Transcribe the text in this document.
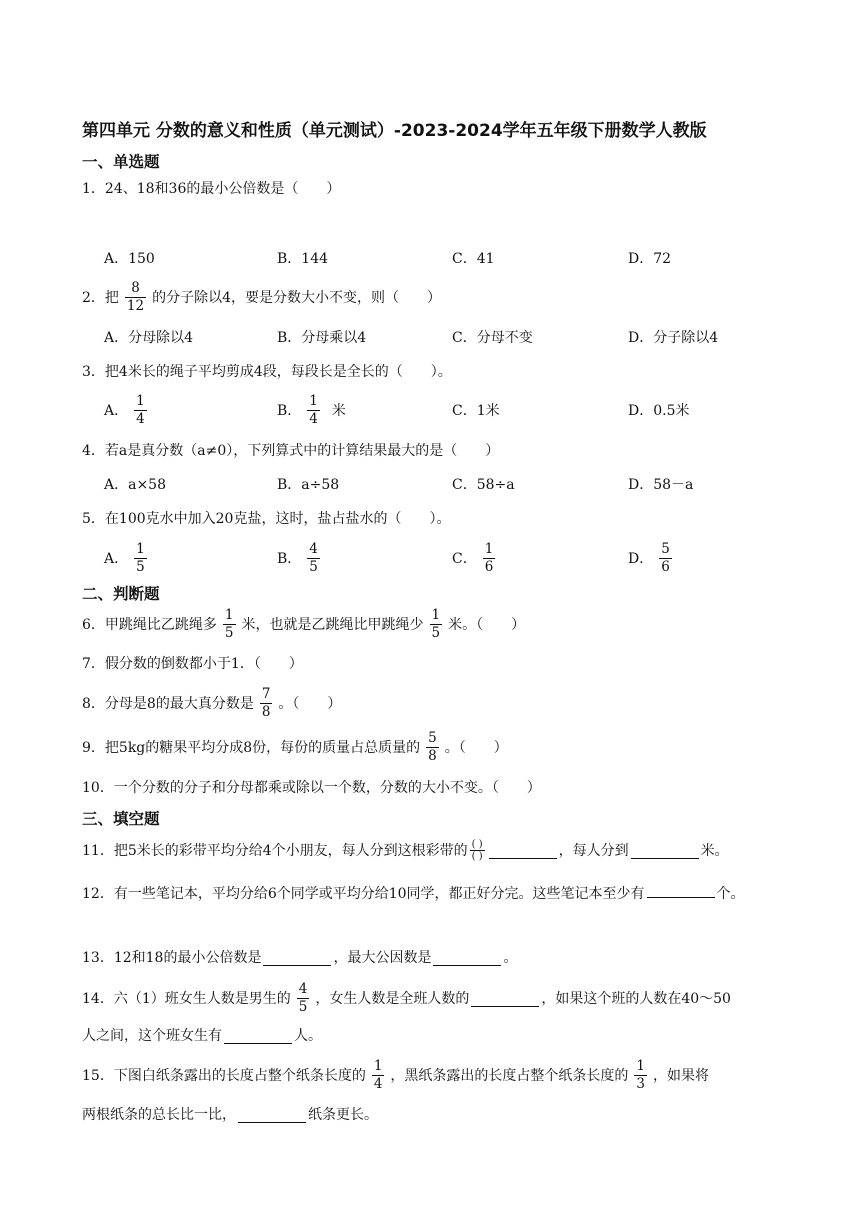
第四单元 分数的意义和性质（单元测试）-2023-2024学年五年级下册数学人教版
一、单选题
1．24、18和36的最小公倍数是（　　）
A．150	B．144	C．41	D．72
2．把 $\frac{8}{12}$ 的分子除以4，要是分数大小不变，则（　　）
A．分母除以4	B．分母乘以4	C．分母不变	D．分子除以4
3．把4米长的绳子平均剪成4段，每段长是全长的（　　）。
A． $\frac{1}{4}$	B． $\frac{1}{4}$ 米	C．1米	D．0.5米
4．若a是真分数（a≠0），下列算式中的计算结果最大的是（　　）
A．a×58	B．a÷58	C．58÷a	D．58－a
5．在100克水中加入20克盐，这时，盐占盐水的（　　）。
A． $\frac{1}{5}$	B． $\frac{4}{5}$	C． $\frac{1}{6}$	D． $\frac{5}{6}$
二、判断题
6．甲跳绳比乙跳绳多 $\frac{1}{5}$ 米，也就是乙跳绳比甲跳绳少 $\frac{1}{5}$ 米。（　　）
7．假分数的倒数都小于1．（　　）
8．分母是8的最大真分数是 $\frac{7}{8}$ 。（　　）
9．把5kg的糖果平均分成8份，每份的质量占总质量的 $\frac{5}{8}$ 。（　　）
10．一个分数的分子和分母都乘或除以一个数，分数的大小不变。（　　）
三、填空题
11．把5米长的彩带平均分给4个小朋友，每人分到这根彩带的 $\frac{( )}{( )}$	，每人分到	米。
12．有一些笔记本，平均分给6个同学或平均分给10同学，都正好分完。这些笔记本至少有	个。
13．12和18的最小公倍数是	，最大公因数是	。
14．六（1）班女生人数是男生的 $\frac{4}{5}$ ，女生人数是全班人数的	，如果这个班的人数在40～50
人之间，这个班女生有	人。
15．下图白纸条露出的长度占整个纸条长度的 $\frac{1}{4}$ ，黑纸条露出的长度占整个纸条长度的 $\frac{1}{3}$ ，如果将
两根纸条的总长比一比，	纸条更长。
